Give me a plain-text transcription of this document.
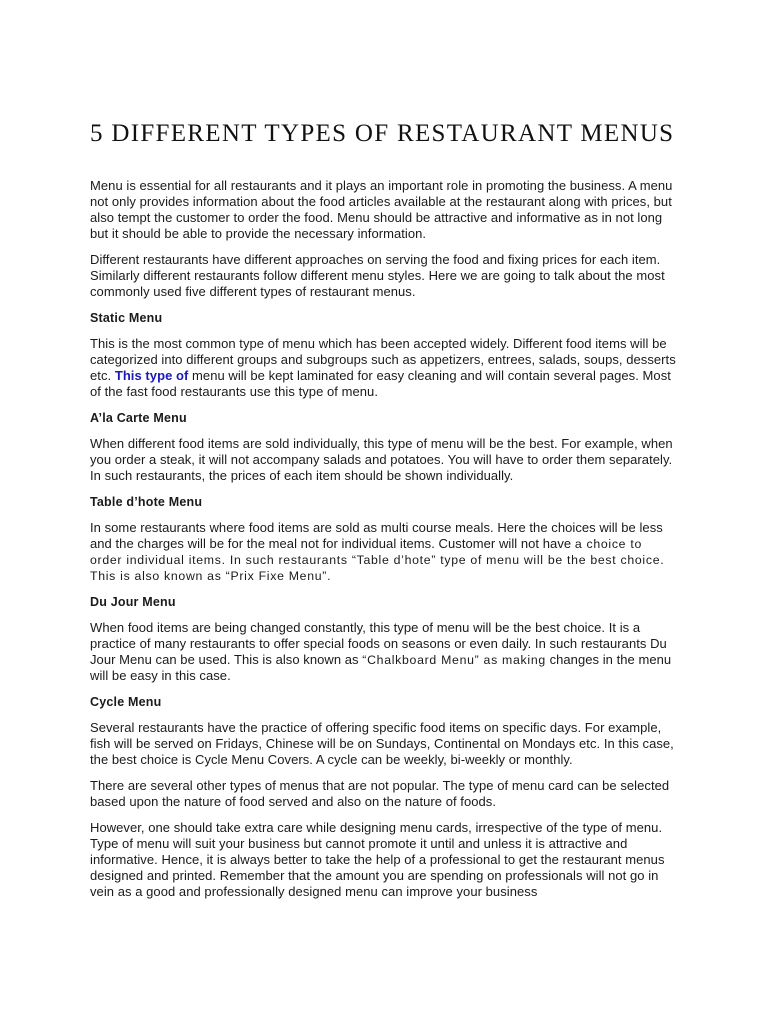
5 DIFFERENT TYPES OF RESTAURANT MENUS

Menu is essential for all restaurants and it plays an important role in promoting the business. A menu not only provides information about the food articles available at the restaurant along with prices, but also tempt the customer to order the food. Menu should be attractive and informative as in not long but it should be able to provide the necessary information.

Different restaurants have different approaches on serving the food and fixing prices for each item. Similarly different restaurants follow different menu styles. Here we are going to talk about the most commonly used five different types of restaurant menus.

Static Menu

This is the most common type of menu which has been accepted widely. Different food items will be categorized into different groups and subgroups such as appetizers, entrees, salads, soups, desserts etc. This type of menu will be kept laminated for easy cleaning and will contain several pages. Most of the fast food restaurants use this type of menu.

A’la Carte Menu

When different food items are sold individually, this type of menu will be the best. For example, when you order a steak, it will not accompany salads and potatoes. You will have to order them separately. In such restaurants, the prices of each item should be shown individually.

Table d’hote Menu

In some restaurants where food items are sold as multi course meals. Here the choices will be less and the charges will be for the meal not for individual items. Customer will not have a choice to order individual items. In such restaurants “Table d’hote” type of menu will be the best choice. This is also known as “Prix Fixe Menu”.

Du Jour Menu

When food items are being changed constantly, this type of menu will be the best choice. It is a practice of many restaurants to offer special foods on seasons or even daily. In such restaurants Du Jour Menu can be used. This is also known as “Chalkboard Menu” as making changes in the menu will be easy in this case.

Cycle Menu

Several restaurants have the practice of offering specific food items on specific days. For example, fish will be served on Fridays, Chinese will be on Sundays, Continental on Mondays etc. In this case, the best choice is Cycle Menu Covers. A cycle can be weekly, bi-weekly or monthly.

There are several other types of menus that are not popular. The type of menu card can be selected based upon the nature of food served and also on the nature of foods.

However, one should take extra care while designing menu cards, irrespective of the type of menu. Type of menu will suit your business but cannot promote it until and unless it is attractive and informative. Hence, it is always better to take the help of a professional to get the restaurant menus designed and printed. Remember that the amount you are spending on professionals will not go in vein as a good and professionally designed menu can improve your business
